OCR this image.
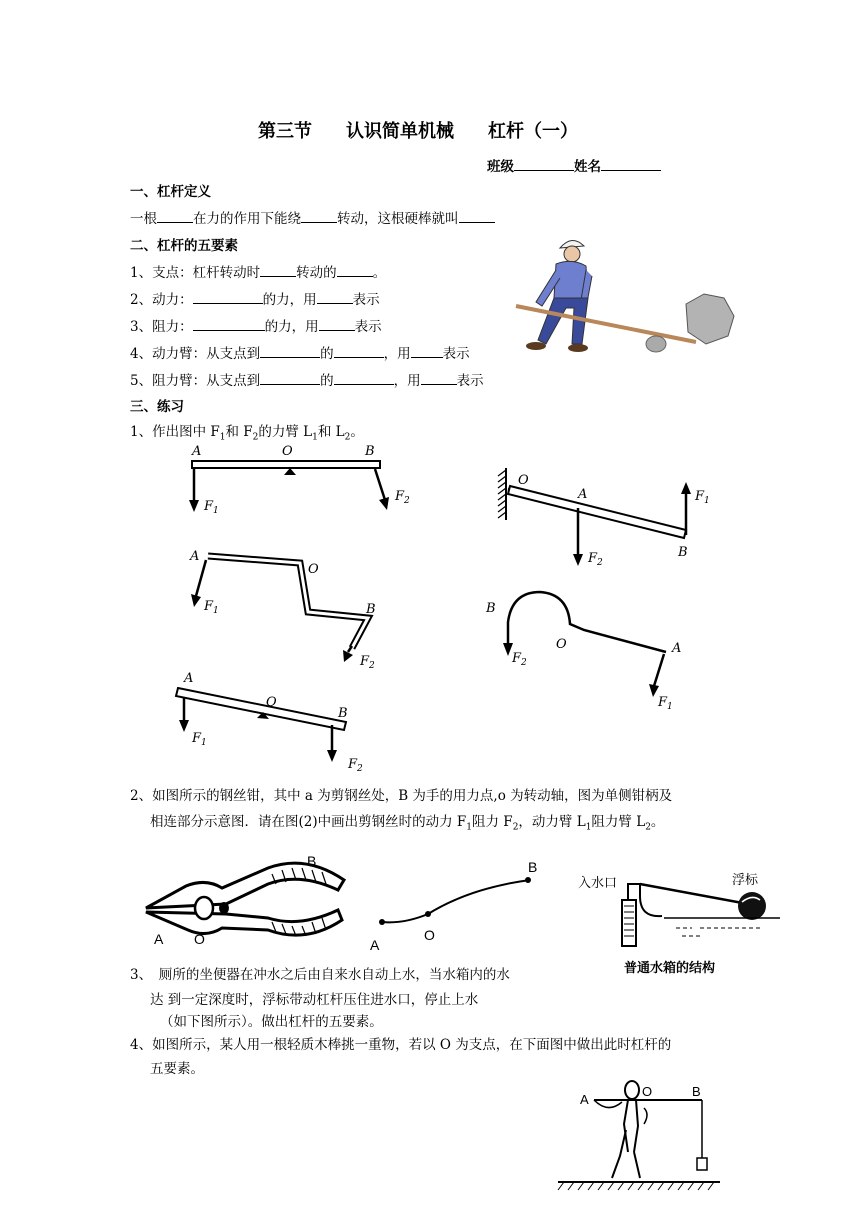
第三节 认识简单机械 杠杆（一）
班级	姓名
一、杠杆定义
一根	在力的作用下能绕	转动，这根硬棒就叫
二、杠杆的五要素
1、支点：杠杆转动时	转动的	。
2、动力：	的力，用	表示
3、阻力：	的力，用	表示
4、动力臂：从支点到	的	，用 表示
5、阻力臂：从支点到	的	，用	表示
三、练习
1、作出图中 $F_1$和 $F_2$的力臂 $L_1$和 $L_2$。
A	O	B
$F_1$
$F_2$
O
A
B
$F_1$
$F_2$
A
O
B
$F_1$
$F_2$
B
O	A
$F_2$
$F_1$
A
O
B
$F_1$
$F_2$
2、如图所示的钢丝钳，其中 a 为剪钢丝处，B 为手的用力点,o 为转动轴，图为单侧钳柄及
相连部分示意图．请在图(2)中画出剪钢丝时的动力 $F_1$阻力 $F_2$，动力臂 $L_1$阻力臂 $L_2$。
A O
B
A
O
B
入水口	浮标
普通水箱的结构
3、　厕所的坐便器在冲水之后由自来水自动上水，当水箱内的水
达 到一定深度时，浮标带动杠杆压住进水口，停止上水
（如下图所示）。做出杠杆的五要素。
4、如图所示，某人用一根轻质木棒挑一重物，若以 O 为支点，在下面图中做出此时杠杆的
五要素。
A
O	B
